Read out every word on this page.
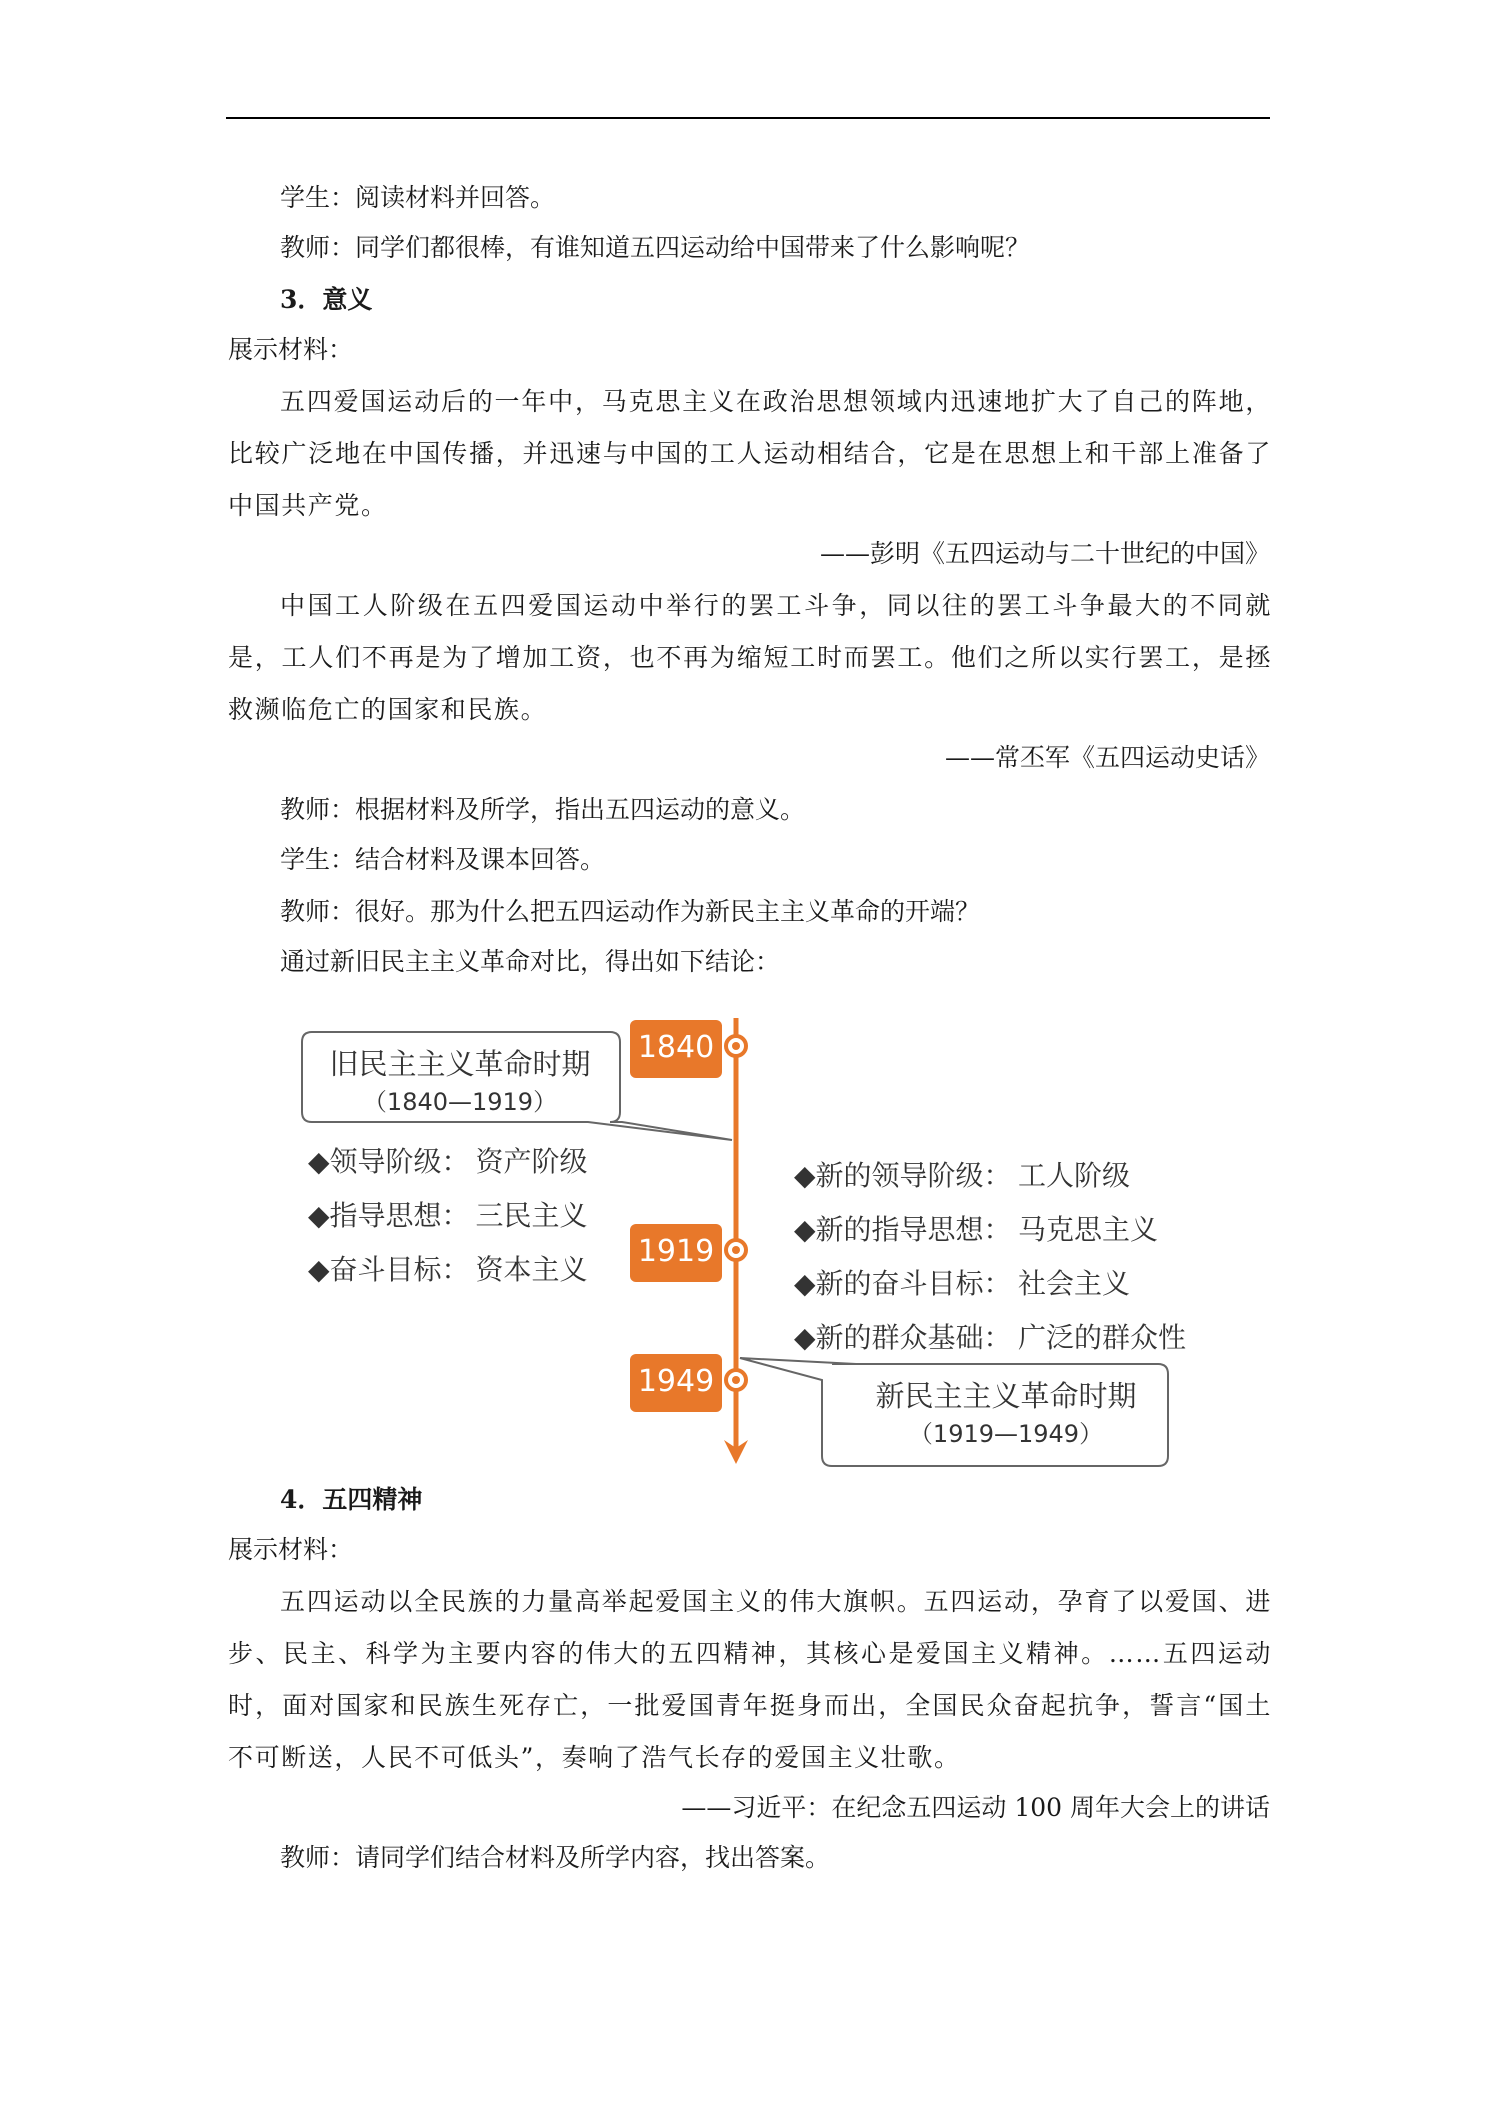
学生：阅读材料并回答。
教师：同学们都很棒，有谁知道五四运动给中国带来了什么影响呢？
3．意义
展示材料：
五四爱国运动后的一年中，马克思主义在政治思想领域内迅速地扩大了自己的阵地，比较广泛地在中国传播，并迅速与中国的工人运动相结合，它是在思想上和干部上准备了中国共产党。
——彭明《五四运动与二十世纪的中国》
中国工人阶级在五四爱国运动中举行的罢工斗争，同以往的罢工斗争最大的不同就是，工人们不再是为了增加工资，也不再为缩短工时而罢工。他们之所以实行罢工，是拯救濒临危亡的国家和民族。
——常丕军《五四运动史话》
教师：根据材料及所学，指出五四运动的意义。
学生：结合材料及课本回答。
教师：很好。那为什么把五四运动作为新民主主义革命的开端？
通过新旧民主主义革命对比，得出如下结论：
1840
1919
1949
旧民主主义革命时期
（1840—1919）
◆领导阶级： 资产阶级
◆指导思想： 三民主义
◆奋斗目标： 资本主义
◆新的领导阶级： 工人阶级
◆新的指导思想： 马克思主义
◆新的奋斗目标： 社会主义
◆新的群众基础： 广泛的群众性
新民主主义革命时期
（1919—1949）
4．五四精神
展示材料：
五四运动以全民族的力量高举起爱国主义的伟大旗帜。五四运动，孕育了以爱国、进步、民主、科学为主要内容的伟大的五四精神，其核心是爱国主义精神。……五四运动时，面对国家和民族生死存亡，一批爱国青年挺身而出，全国民众奋起抗争，誓言“国土不可断送，人民不可低头”，奏响了浩气长存的爱国主义壮歌。
——习近平：在纪念五四运动 100 周年大会上的讲话
教师：请同学们结合材料及所学内容，找出答案。
